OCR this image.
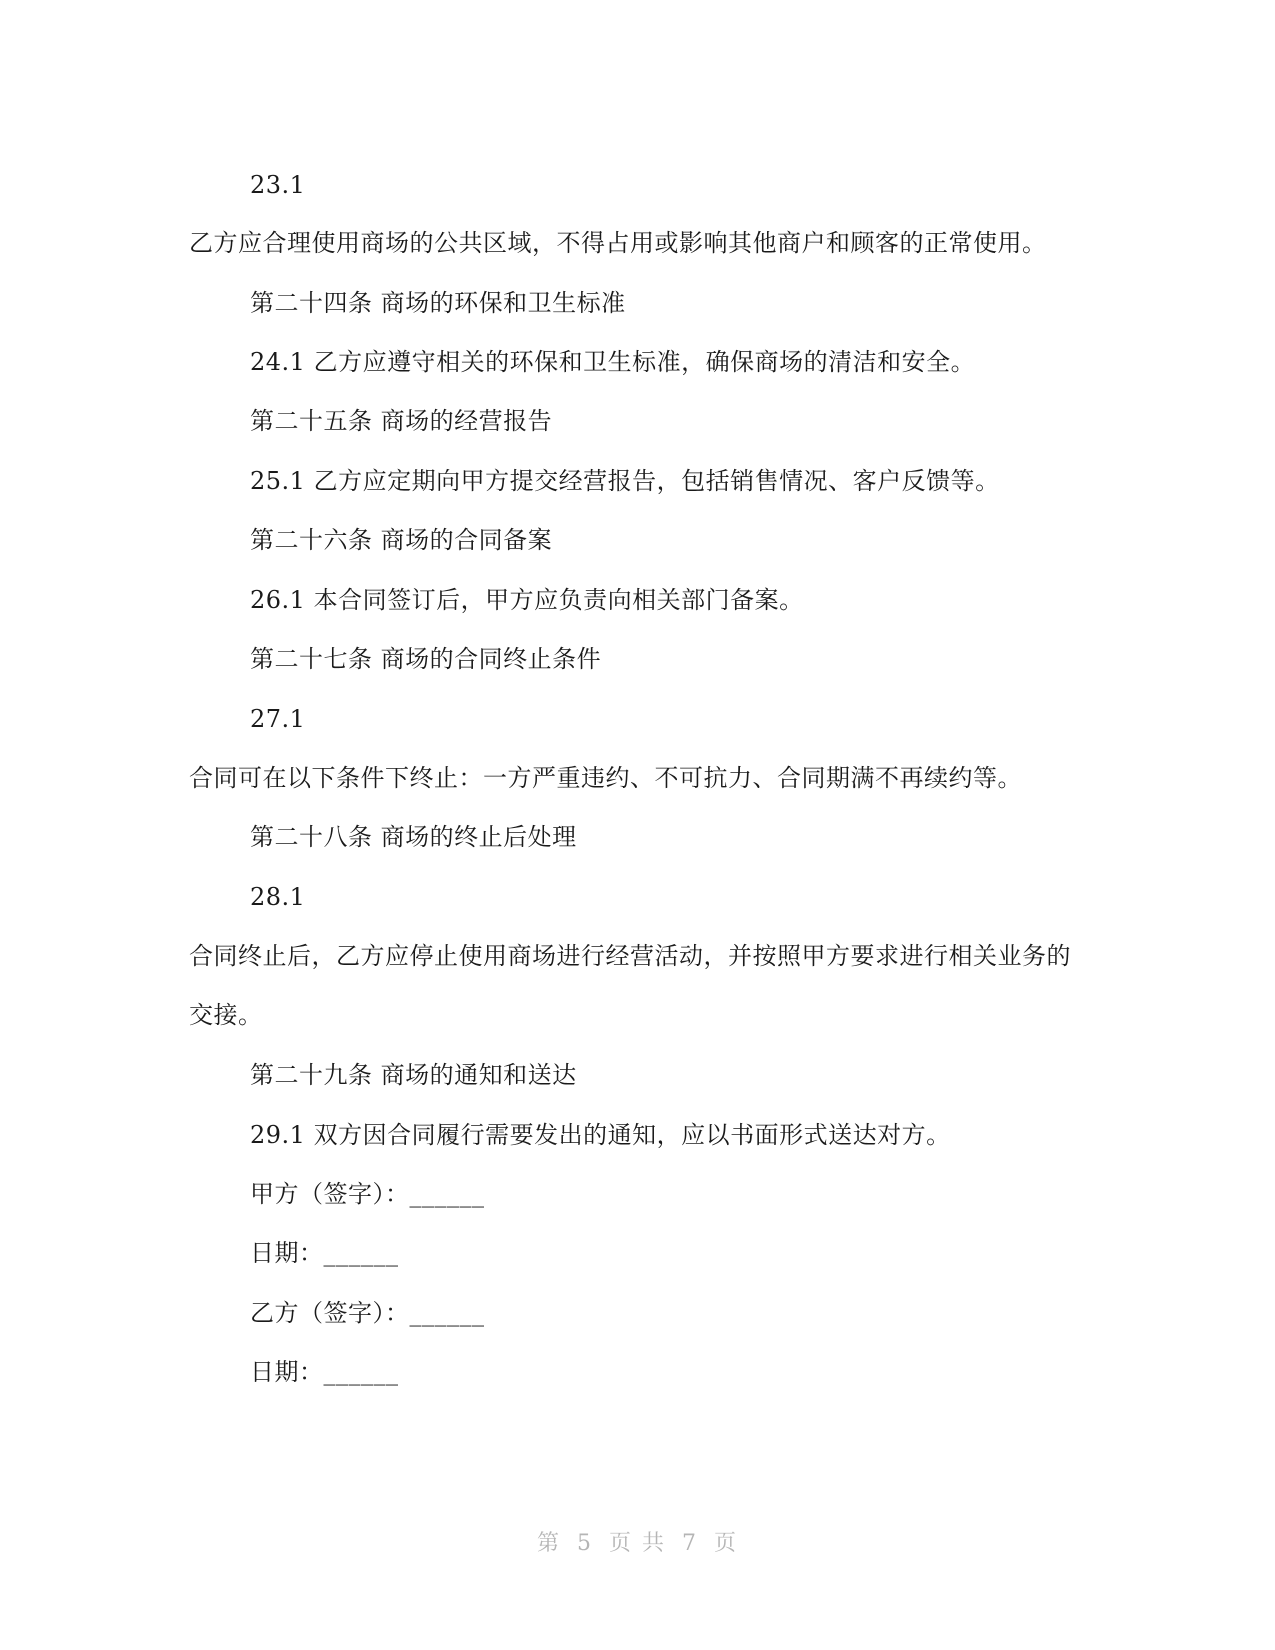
23.1
乙方应合理使用商场的公共区域，不得占用或影响其他商户和顾客的正常使用。
第二十四条 商场的环保和卫生标准
24.1 乙方应遵守相关的环保和卫生标准，确保商场的清洁和安全。
第二十五条 商场的经营报告
25.1 乙方应定期向甲方提交经营报告，包括销售情况、客户反馈等。
第二十六条 商场的合同备案
26.1 本合同签订后，甲方应负责向相关部门备案。
第二十七条 商场的合同终止条件
27.1
合同可在以下条件下终止：一方严重违约、不可抗力、合同期满不再续约等。
第二十八条 商场的终止后处理
28.1
合同终止后，乙方应停止使用商场进行经营活动，并按照甲方要求进行相关业务的
交接。
第二十九条 商场的通知和送达
29.1 双方因合同履行需要发出的通知，应以书面形式送达对方。
甲方（签字）：______
日期：______
乙方（签字）：______
日期：______
第 5 页 共 7 页
